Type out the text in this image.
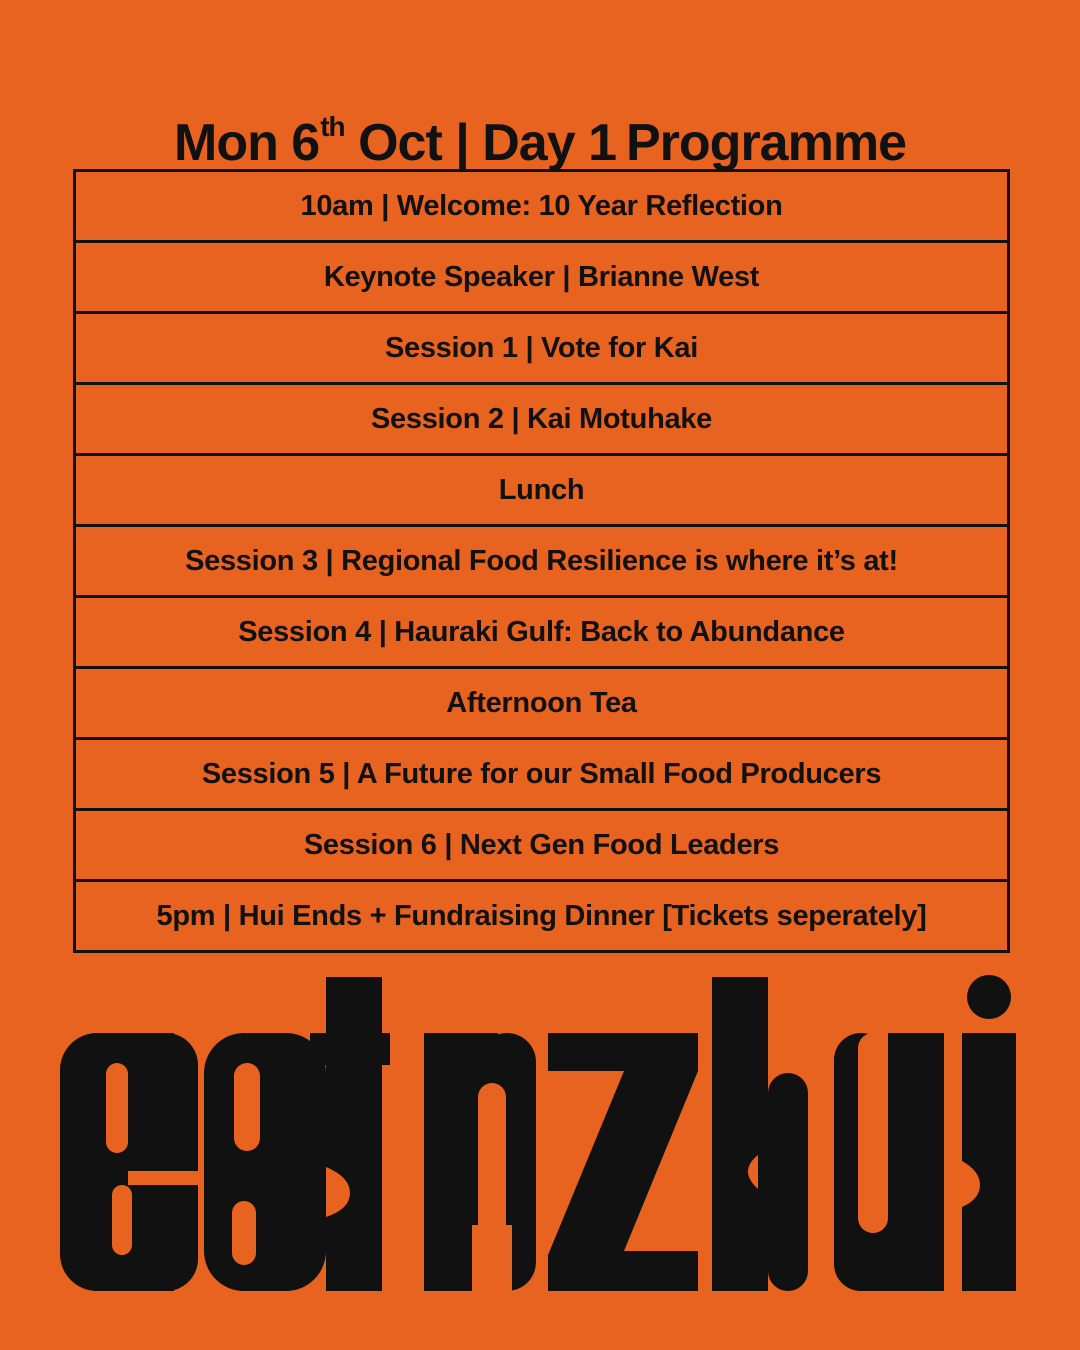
Mon 6th Oct | Day 1 Programme
10am | Welcome: 10 Year Reflection
Keynote Speaker | Brianne West
Session 1 | Vote for Kai
Session 2 | Kai Motuhake
Lunch
Session 3 | Regional Food Resilience is where it’s at!
Session 4 | Hauraki Gulf: Back to Abundance
Afternoon Tea
Session 5 | A Future for our Small Food Producers
Session 6 | Next Gen Food Leaders
5pm | Hui Ends + Fundraising Dinner [Tickets seperately]
